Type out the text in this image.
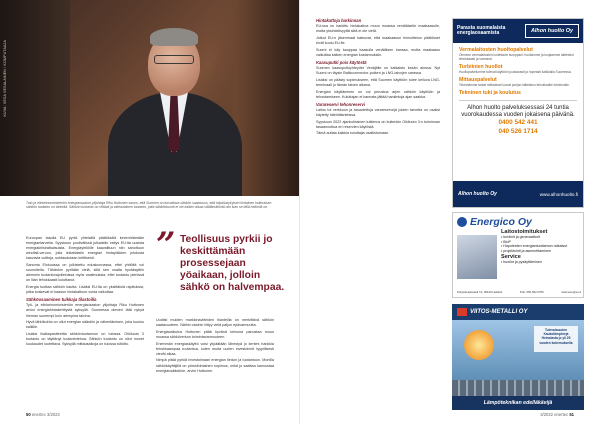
KUVA: VESA VESALAINEN / KOMPUTAAJA
Tuto ja elinkeinoministeriön energiaosaston ylijohtaja Riku Huttunen sanoo, että Suomen on turvattava sähkön saatavuus, että kilpailukykyisen hintainen kotimaisen sähkön tuotanto on tärkeää. Sähkön tuotanto on riittävä ja oikeanlainen tuotanto, jotta sähköntuonti ei ole kaiken aikaa välttämätöntä niin kuin se tällä hetkellä on.

Euroopan tasolla EU pyrkii yhteisillä päätöksillä kevenhtämään energiantarvetta. Syyskuun puolivälissä julkaistiin esitys EU:lta uusista energiakriisiratkaisuista. Energiayhtiöille kaavailtuun niin sanottuun windfall-veroon, jolla leikattaisiin energian hintapiikkien johdosta kasvavia voittoja, suhtaudutaan kriittisesti.

Sanoma Elokuussa on julkistettu eduskunnassa, ettei yhtiöitä voi suunnitella. Tähänkin pyritään vielä, sillä sen osalta hyväksyttiin aiemmin tuotantorajoitetuissa myös vaatimuksia, ettei tuotanto pienissä on liian tehokkaasti kuluttanut.

Energia tuottaa sähkön kautta. Lisäksi EU:lta on yksittäisiä rajoituksia, jotka koskevat ei kaasun hintakattoon voida vaikuttaa.

Sähköosaaminen tuikkaja tilastoilla

Työ- ja elinkeinoministeriön energiaosaston ylijohtaja Riku Huttunen arvioi energiahintakehitystä syksyllä. Suomessa olevien tätä nykyä hieman suurempi kuin aiempina talvina.

Hyvä lähtökohta on ollut energian säästön ja vähentämisen, joka kuuluu kaikille.

Lisäksi lisäkapasiteettia sähköntuotannon on tulossa. Olkiluoto 3 tuotanto on täyttänyt tuotantotehoa. Sähkön tuotanto on ollut monet kuukaudet luotettava. Syksyllä mittausaikoja on tulossa tutkittu.

” Teollisuus pyrkii jo keskittämään prosessejaan yöaikaan, jolloin sähkö on halvempaa.

Uudisti muiden markkinaviiteiden tilanteilla on merkittävä sähkön saatavuuteen. Näihin osiohin liittyy vielä paljon epävarmuutta.

Energiavaikutus Huttunen pitää hyvänä keinona panostaa muun muassa sähköverkon toimintavarmuuteen.

Enemmän energiaskäyttö voisi ylipäätään lähestyä jo kentes hankkia tehokkaampaa tuotantoa, kuten muita uuden investoinnit tyypillisesti vievät aikaa.

Nimpä pitää pyrkiä investoimaan energian tiedon ja tuotantoon. Monilla sähkökäyttäjillä on pörssihintainen sopimus, mikä jo saattaa kannustaa energiansäästöön, arvioi Huttunen.

50 enertec 3/2022
Hintakattoja harkinnan

EU:ssa on harkittu hintakattoa muun muassa venäläiselle maakaasulle, mutta yksimielisyyttä siitä ei ole vielä.

Jotkut EU:n jäsenmaat katsovat, että maakaasun hinnoittelun päätökset eivät kuulu EU:lle.

Suomi ei käy kauppaa kaasulla venäläisen kanssa, mutta maakaasu vaikuttaa kaiken energian kustannuksiin.

Kaasuputki pois käytöstä

Suomen kaasuputkiyhteydet Venäjälle on katkaistu kesän alussa. Nyt Suomi on täysin Balticconnector-putken ja LNG-laivojen varassa.

Lisäksi on päästy sopimukseen, että Suomen käyttöön tulee kelluva LNG-terminaali jo tämän talven aikana.

Energian käyttäminen on voi perustua arjen sähkön käyttöön ja tehostamiseen. Kuluttajan ei kannata jättää hankintoja ajan saakka.

Varareservi tehonreservi

Laitos toi verkkoon ja tasautettuja varareservejä joiden tarvetta on osaksi käytetty häiriötilanteissa.

Syyskuun 2022 ajankohtainen tutkimus on kuitenkin Olkiluoto 3:n toiminnan tasaannuttua eri reservien käytöstä.

Tämä auttaa kaikkia kuluttajia osallistumaan.

Parasta suomalaista energiaosaamista	Alhon huolto Oy
Vermalaitosten huoltopalvelut
Olemme vermalaitosten luotettavin kumppani: huollamme ja korjaamme laitteistot tehokkaasti ja varmasti.
Turbiinien huollot
Huoltopalvelumme tulevat käyttöön joustavasti ja nopeasti kaikkialla Suomessa.
Mittauspalvelut
Tekemämme tarkat mittaukset luovat pohjan laitteiston tehokkaalle toiminnalle.
Tekninen tuki ja koulutus
Alhon huolto palveluksessasi 24 tuntia vuorokaudessa vuoden jokaisena päivänä.
0400 542 441
040 526 1714
Alhon huolto Oy	www.alhonhuolto.fi
Energico Oy
Laitostoimitukset
• turbiinit ja generaattorit
• BioP
• Haputeiden energiantuottamon ratkaisut
• projektointi ja asennettaminen
Service
• huollot ja pysäyttäminen
Pohjoisesplanadi 7A, 00100 Helsinki	Puh. 050 502 0750	www.energico.fi
VIITOS-METALLI OY
Tulevaisuuden Kaukolämpöreja Heinolasta jo yli 25 vuoden kokemuksella
Lämpöteknikan edelläkävijä
3/2022 enertec 51
